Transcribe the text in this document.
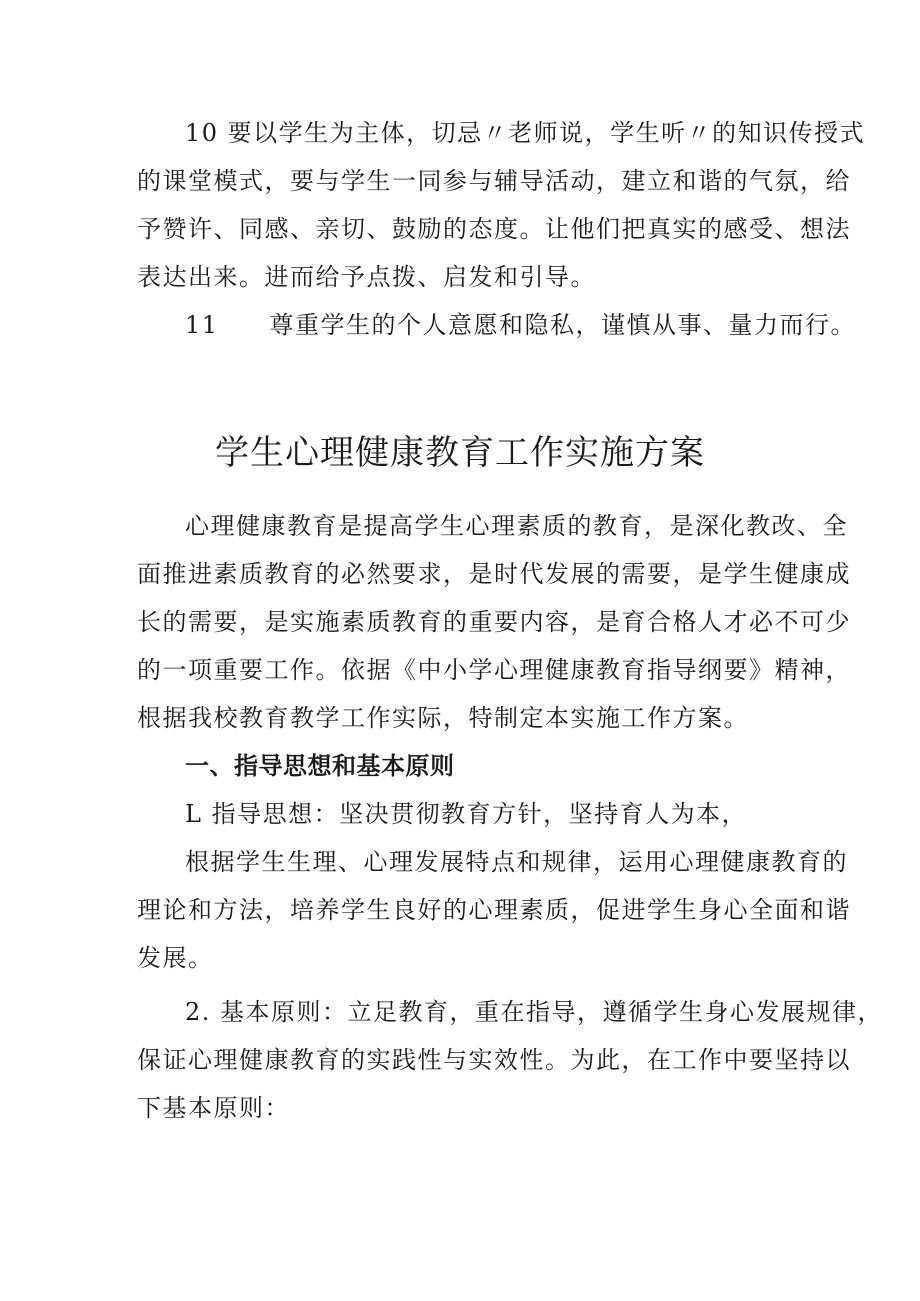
10 要以学生为主体，切忌〃老师说，学生听〃的知识传授式
的课堂模式，要与学生一同参与辅导活动，建立和谐的气氛，给
予赞许、同感、亲切、鼓励的态度。让他们把真实的感受、想法
表达出来。进而给予点拨、启发和引导。
11　　尊重学生的个人意愿和隐私，谨慎从事、量力而行。
学生心理健康教育工作实施方案
心理健康教育是提高学生心理素质的教育，是深化教改、全
面推进素质教育的必然要求，是时代发展的需要，是学生健康成
长的需要，是实施素质教育的重要内容，是育合格人才必不可少
的一项重要工作。依据《中小学心理健康教育指导纲要》精神，
根据我校教育教学工作实际，特制定本实施工作方案。
一、指导思想和基本原则
L 指导思想：坚决贯彻教育方针，坚持育人为本，
根据学生生理、心理发展特点和规律，运用心理健康教育的
理论和方法，培养学生良好的心理素质，促进学生身心全面和谐
发展。
2. 基本原则：立足教育，重在指导，遵循学生身心发展规律，
保证心理健康教育的实践性与实效性。为此，在工作中要坚持以
下基本原则：
